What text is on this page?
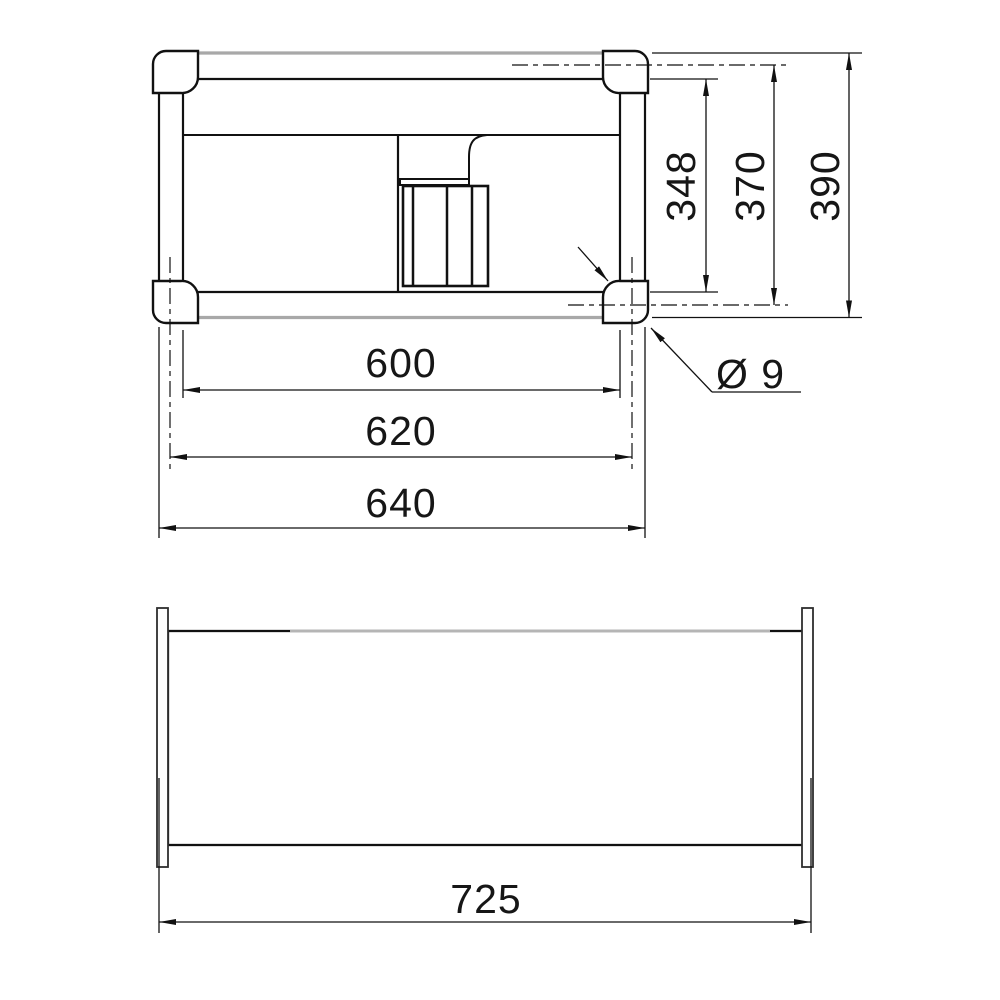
348 370 390
600
620
640
Ø 9
725
